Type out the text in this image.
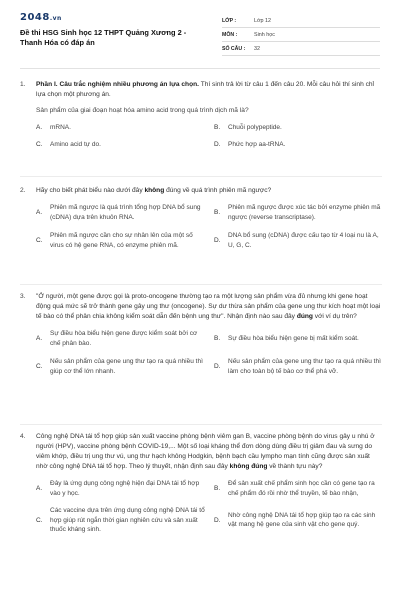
2048.vn
Đề thi HSG Sinh học 12 THPT Quảng Xương 2 - Thanh Hóa có đáp án
LỚP :	Lớp 12
MÔN :	Sinh học
SỐ CÂU :	32
1. Phần I. Câu trắc nghiệm nhiều phương án lựa chọn. Thí sinh trả lời từ câu 1 đến câu 20. Mỗi câu hỏi thí sinh chỉ lựa chọn một phương án.
Sản phẩm của giai đoạn hoạt hóa amino acid trong quá trình dịch mã là?
A.	mRNA.	B.	Chuỗi polypeptide.
C.	Amino acid tự do.	D.	Phức hợp aa-tRNA.
2. Hãy cho biết phát biểu nào dưới đây không đúng về quá trình phiên mã ngược?
A.
Phiên mã ngược là quá trình tổng hợp DNA bổ sung (cDNA) dựa trên khuôn RNA.
B.
Phiên mã ngược được xúc tác bởi enzyme phiên mã ngược (reverse transcriptase).
C.
Phiên mã ngược cần cho sự nhân lên của một số virus có hệ gene RNA, có enzyme phiên mã.
D.
DNA bổ sung (cDNA) được cấu tạo từ 4 loại nu là A, U, G, C.
3. "Ở người, một gene được gọi là proto-oncogene thường tạo ra một lượng sản phẩm vừa đủ nhưng khi gene hoạt động quá mức sẽ trở thành gene gây ung thư (oncogene). Sự dư thừa sản phẩm của gene ung thư kích hoạt một loại tế bào có thể phân chia không kiểm soát dẫn đến bệnh ung thư". Nhận định nào sau đây đúng với ví dụ trên?
A.
Sự điều hòa biểu hiện gene được kiểm soát bởi cơ chế phân bào.
B.	Sự điều hòa biểu hiện gene bị mất kiểm soát.
C.
Nếu sản phẩm của gene ung thư tạo ra quá nhiều thì giúp cơ thể lớn nhanh.
D.
Nếu sản phẩm của gene ung thư tạo ra quá nhiều thì làm cho toàn bộ tế bào cơ thể phá vỡ.
4. Công nghệ DNA tái tổ hợp giúp sản xuất vaccine phòng bệnh viêm gan B, vaccine phòng bệnh do virus gây u nhú ở người (HPV), vaccine phòng bệnh COVID-19,... Một số loại kháng thể đơn dòng dùng điều trị giảm đau và sưng do viêm khớp, điều trị ung thư vú, ung thư hạch không Hodgkin, bệnh bạch cầu lympho mạn tính cũng được sản xuất nhờ công nghệ DNA tái tổ hợp. Theo lý thuyết, nhận định sau đây không đúng về thành tựu này?
A.
Đây là ứng dụng công nghệ hiện đại DNA tái tổ hợp vào y học.
B.
Để sản xuất chế phẩm sinh học cần có gene tạo ra chế phẩm đó rồi nhờ thể truyền, tế bào nhận,
C.
Các vaccine dựa trên ứng dụng công nghệ DNA tái tổ hợp giúp rút ngắn thời gian nghiên cứu và sản xuất thuốc kháng sinh.
D.
Nhờ công nghệ DNA tái tổ hợp giúp tạo ra các sinh vật mang hệ gene của sinh vật cho gene quý.
